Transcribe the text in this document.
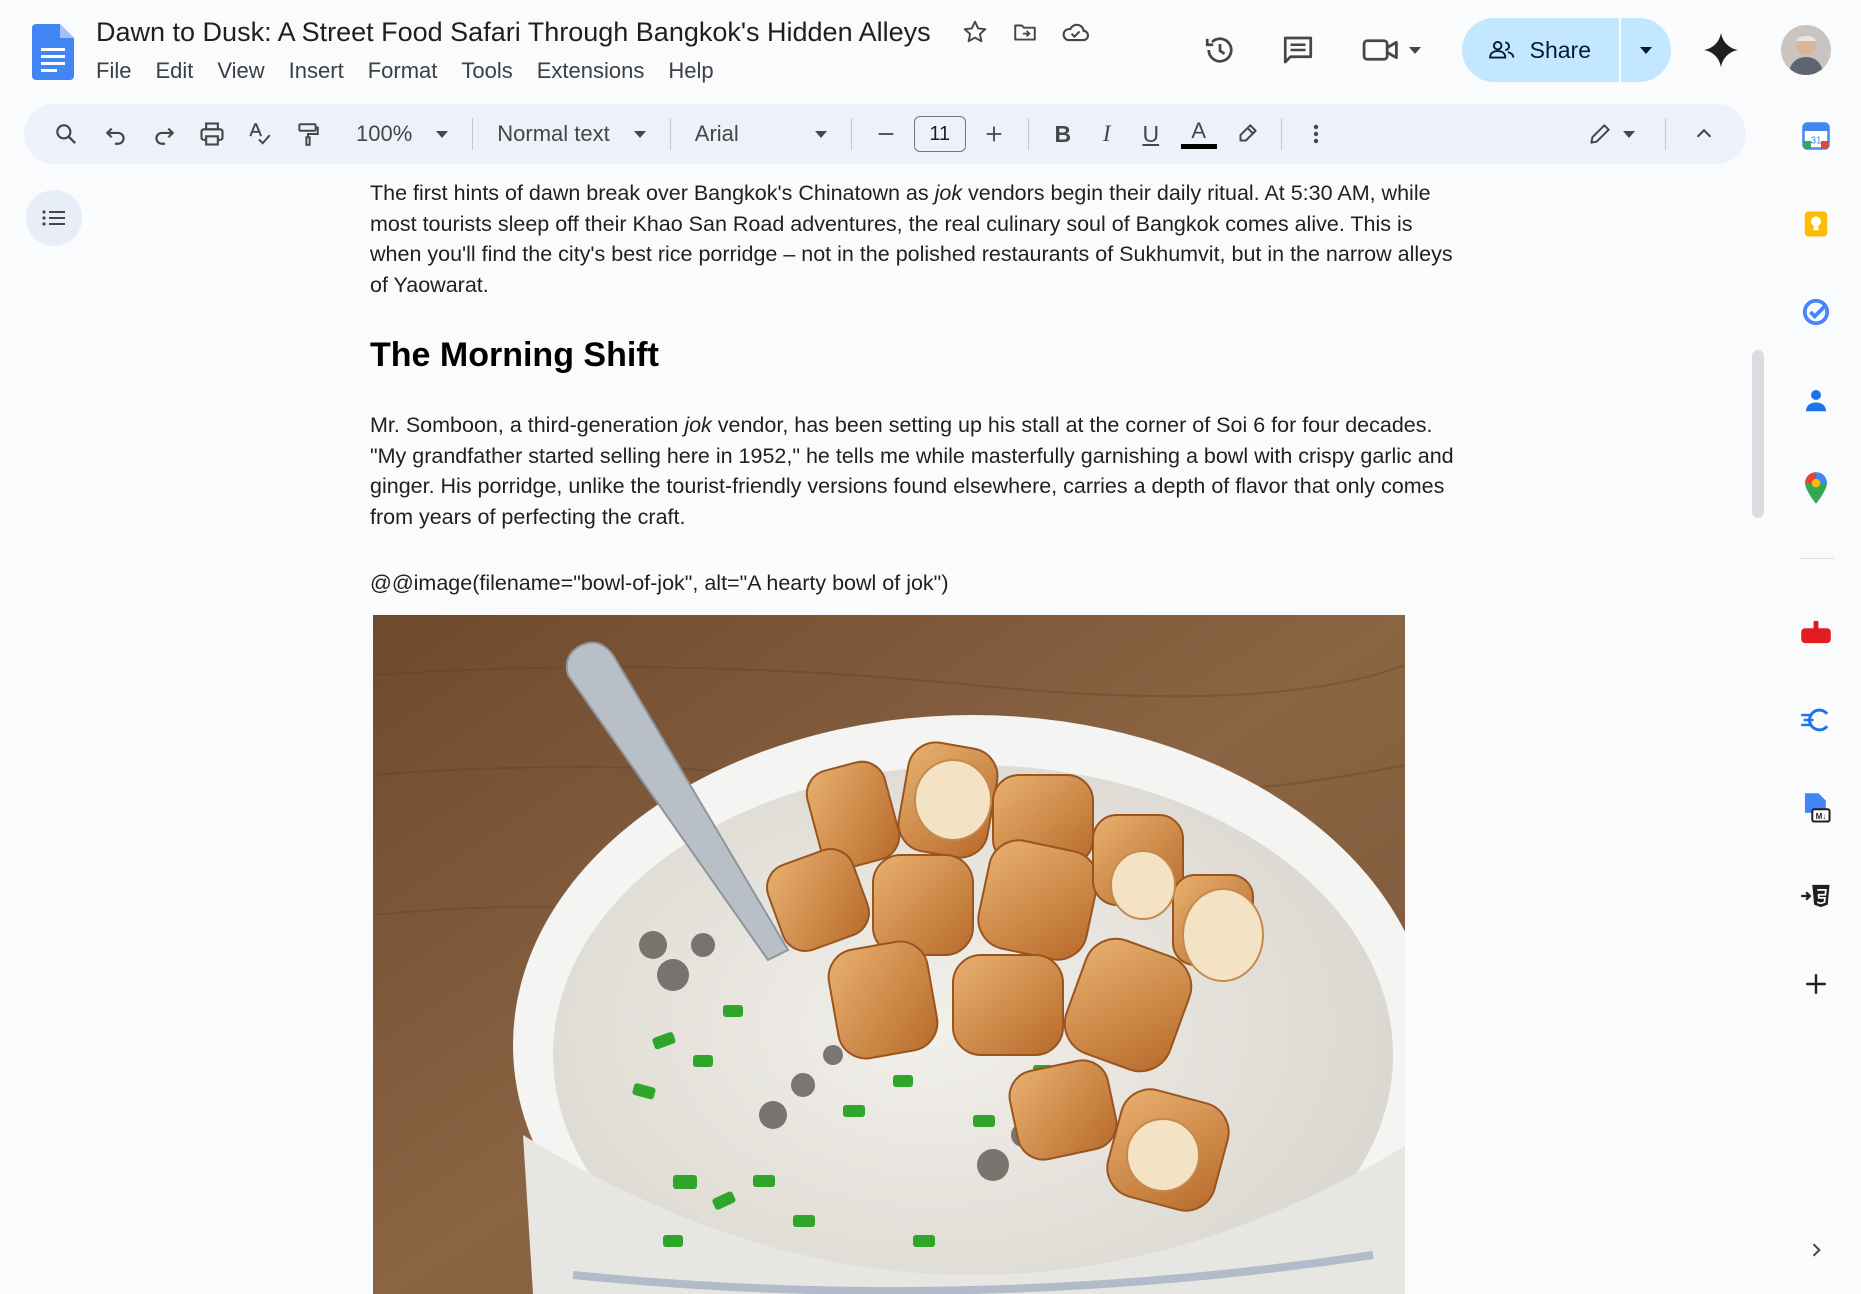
Dawn to Dusk: A Street Food Safari Through Bangkok's Hidden Alleys
File	Edit	View	Insert	Format	Tools	Extensions	Help
Share
100%	Normal text	Arial	11	B	I	U	A

The first hints of dawn break over Bangkok's Chinatown as jok vendors begin their daily ritual. At 5:30 AM, while most tourists sleep off their Khao San Road adventures, the real culinary soul of Bangkok comes alive. This is when you'll find the city's best rice porridge – not in the polished restaurants of Sukhumvit, but in the narrow alleys of Yaowarat.

The Morning Shift

Mr. Somboon, a third-generation jok vendor, has been setting up his stall at the corner of Soi 6 for four decades. "My grandfather started selling here in 1952," he tells me while masterfully garnishing a bowl with crispy garlic and ginger. His porridge, unlike the tourist-friendly versions found elsewhere, carries a depth of flavor that only comes from years of perfecting the craft.

@@image(filename="bowl-of-jok", alt="A hearty bowl of jok")

31
M↓
